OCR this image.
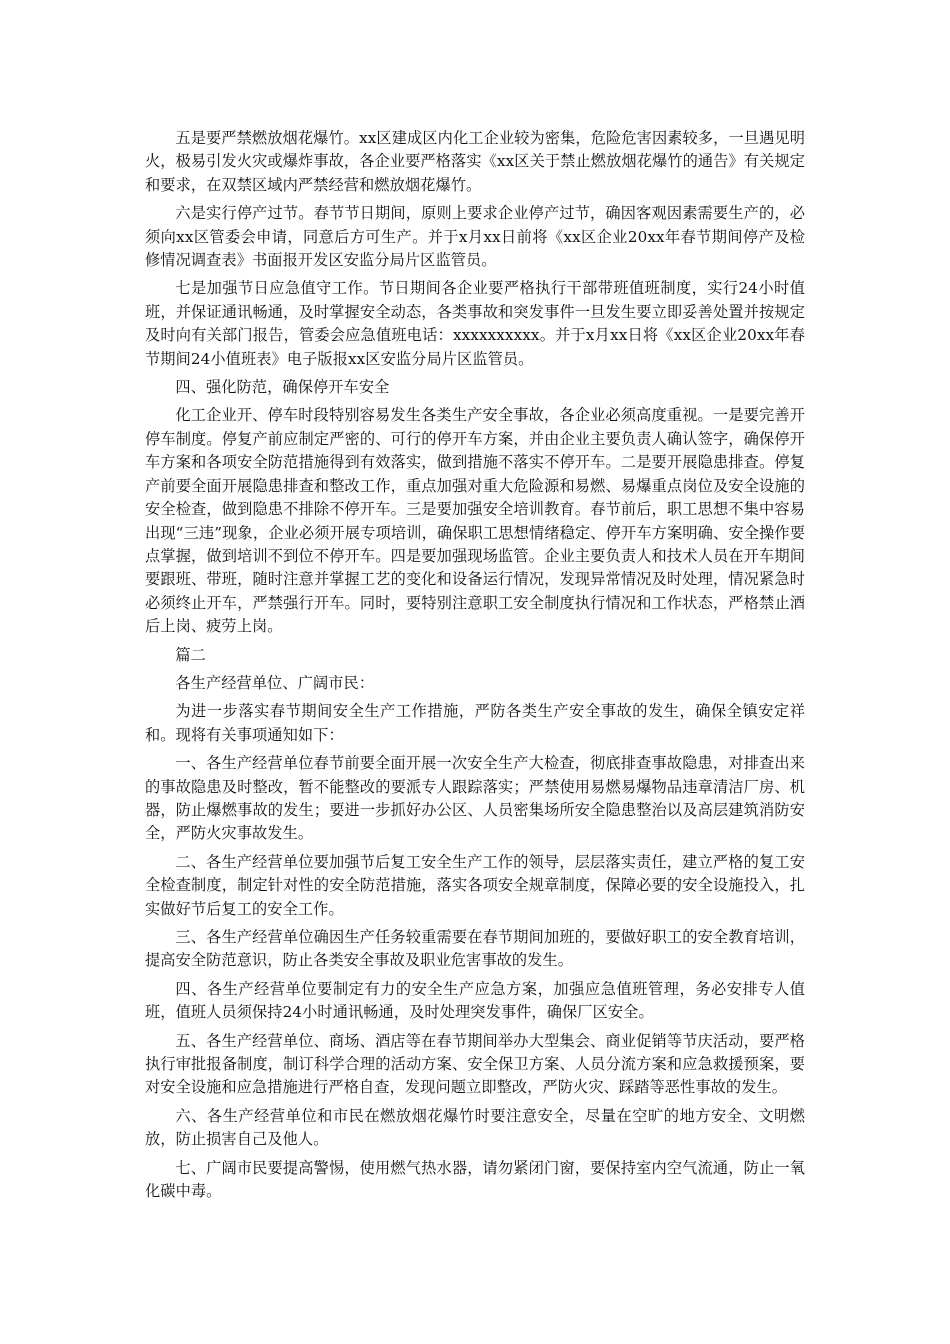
五是要严禁燃放烟花爆竹。xx区建成区内化工企业较为密集，危险危害因素较多，一旦遇见明火，极易引发火灾或爆炸事故，各企业要严格落实《xx区关于禁止燃放烟花爆竹的通告》有关规定和要求，在双禁区域内严禁经营和燃放烟花爆竹。

六是实行停产过节。春节节日期间，原则上要求企业停产过节，确因客观因素需要生产的，必须向xx区管委会申请，同意后方可生产。并于x月xx日前将《xx区企业20xx年春节期间停产及检修情况调查表》书面报开发区安监分局片区监管员。

七是加强节日应急值守工作。节日期间各企业要严格执行干部带班值班制度，实行24小时值班，并保证通讯畅通，及时掌握安全动态，各类事故和突发事件一旦发生要立即妥善处置并按规定及时向有关部门报告，管委会应急值班电话：xxxxxxxxxx。并于x月xx日将《xx区企业20xx年春节期间24小值班表》电子版报xx区安监分局片区监管员。

四、强化防范，确保停开车安全

化工企业开、停车时段特别容易发生各类生产安全事故，各企业必须高度重视。一是要完善开停车制度。停复产前应制定严密的、可行的停开车方案，并由企业主要负责人确认签字，确保停开车方案和各项安全防范措施得到有效落实，做到措施不落实不停开车。二是要开展隐患排查。停复产前要全面开展隐患排查和整改工作，重点加强对重大危险源和易燃、易爆重点岗位及安全设施的安全检查，做到隐患不排除不停开车。三是要加强安全培训教育。春节前后，职工思想不集中容易出现“三违”现象，企业必须开展专项培训，确保职工思想情绪稳定、停开车方案明确、安全操作要点掌握，做到培训不到位不停开车。四是要加强现场监管。企业主要负责人和技术人员在开车期间要跟班、带班，随时注意并掌握工艺的变化和设备运行情况，发现异常情况及时处理，情况紧急时必须终止开车，严禁强行开车。同时，要特别注意职工安全制度执行情况和工作状态，严格禁止酒后上岗、疲劳上岗。

篇二

各生产经营单位、广阔市民：

为进一步落实春节期间安全生产工作措施，严防各类生产安全事故的发生，确保全镇安定祥和。现将有关事项通知如下：

一、各生产经营单位春节前要全面开展一次安全生产大检查，彻底排查事故隐患，对排查出来的事故隐患及时整改，暂不能整改的要派专人跟踪落实；严禁使用易燃易爆物品违章清洁厂房、机器，防止爆燃事故的发生；要进一步抓好办公区、人员密集场所安全隐患整治以及高层建筑消防安全，严防火灾事故发生。

二、各生产经营单位要加强节后复工安全生产工作的领导，层层落实责任，建立严格的复工安全检查制度，制定针对性的安全防范措施，落实各项安全规章制度，保障必要的安全设施投入，扎实做好节后复工的安全工作。

三、各生产经营单位确因生产任务较重需要在春节期间加班的，要做好职工的安全教育培训，提高安全防范意识，防止各类安全事故及职业危害事故的发生。

四、各生产经营单位要制定有力的安全生产应急方案，加强应急值班管理，务必安排专人值班，值班人员须保持24小时通讯畅通，及时处理突发事件，确保厂区安全。

五、各生产经营单位、商场、酒店等在春节期间举办大型集会、商业促销等节庆活动，要严格执行审批报备制度，制订科学合理的活动方案、安全保卫方案、人员分流方案和应急救援预案，要对安全设施和应急措施进行严格自查，发现问题立即整改，严防火灾、踩踏等恶性事故的发生。

六、各生产经营单位和市民在燃放烟花爆竹时要注意安全，尽量在空旷的地方安全、文明燃放，防止损害自己及他人。

七、广阔市民要提高警惕，使用燃气热水器，请勿紧闭门窗，要保持室内空气流通，防止一氧化碳中毒。
